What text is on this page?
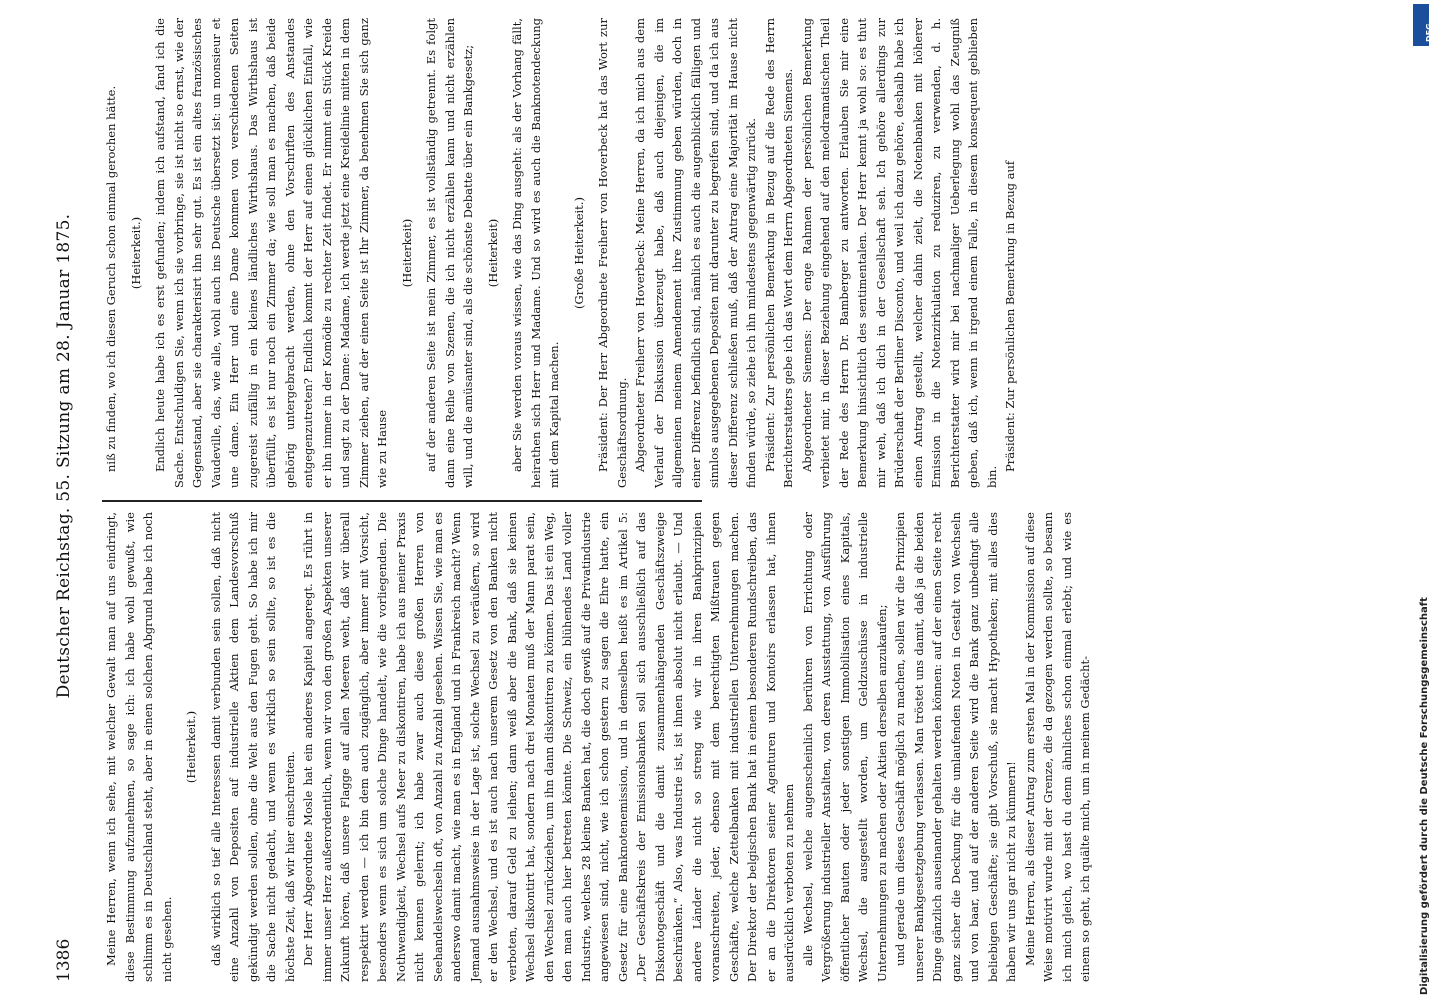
1386
Deutscher Reichstag. 55. Sitzung am 28. Januar 1875.

Meine Herren, wenn ich sehe, mit welcher Gewalt man auf uns eindringt, diese Bestimmung aufzunehmen, so sage ich: ich habe wohl gewußt, wie schlimm es in Deutschland steht, aber in einen solchen Abgrund habe ich noch nicht gesehen.

(Heiterkeit.) daß wirklich so tief alle Interessen damit verbunden sein sollen, daß nicht eine Anzahl von Depositen auf industrielle Aktien dem Landesvorschuß gekündigt werden sollen, ohne die Welt aus den Fugen geht. So habe ich mir die Sache nicht gedacht, und wenn es wirklich so sein sollte, so ist es die höchste Zeit, daß wir hier einschreiten. Der Herr Abgeordnete Mosle hat ein anderes Kapitel angeregt. Es rührt in immer unser Herz außerordentlich, wenn wir von den großen Aspekten unserer Zukunft hören, daß unsere Flagge auf allen Meeren weht, daß wir überall respektirt werden — ich bin dem auch zugänglich, aber immer mit Vorsicht, besonders wenn es sich um solche Dinge handelt, wie die vorliegenden. Die Nothwendigkeit, Wechsel aufs Meer zu diskontiren, habe ich aus meiner Praxis nicht kennen gelernt; ich habe zwar auch diese großen Herren von Seehandelswechseln oft, von Anzahl zu Anzahl gesehen. Wissen Sie, wie man es anderswo damit macht, wie man es in England und in Frankreich macht? Wenn Jemand ausnahmsweise in der Lage ist, solche Wechsel zu veräußern, so wird er den Wechsel, und es ist auch nach unserem Gesetz von den Banken nicht verboten, darauf Geld zu leihen; dann weiß aber die Bank, daß sie keinen Wechsel diskontirt hat, sondern nach drei Monaten muß der Mann parat sein, den Wechsel zurückziehen, um ihn dann diskontiren zu können. Das ist ein Weg, den man auch hier betreten könnte. Die Schweiz, ein blühendes Land voller Industrie, welches 28 kleine Banken hat, die doch gewiß auf die Privatindustrie angewiesen sind, nicht, wie ich schon gestern zu sagen die Ehre hatte, ein Gesetz für eine Banknotenemission, und in demselben heißt es im Artikel 5: „Der Geschäftskreis der Emissionsbanken soll sich ausschließlich auf das Diskontogeschäft und die damit zusammenhängenden Geschäftszweige beschränken.“ Also, was Industrie ist, ist ihnen absolut nicht erlaubt. — Und andere Länder die nicht so streng wie wir in ihren Bankprinzipien voranschreiten, jeder, ebenso mit dem berechtigten Mißtrauen gegen Geschäfte, welche Zettelbanken mit industriellen Unternehmungen machen. Der Direktor der belgischen Bank hat in einem besonderen Rundschreiben, das er an die Direktoren seiner Agenturen und Kontoirs erlassen hat, ihnen ausdrücklich verboten zu nehmen alle Wechsel, welche augenscheinlich berühren von Errichtung oder Vergrößerung industrieller Anstalten, von deren Ausstattung, von Ausführung öffentlicher Bauten oder jeder sonstigen Immobilisation eines Kapitals, Wechsel, die ausgestellt worden, um Geldzuschüsse in industrielle Unternehmungen zu machen oder Aktien derselben anzukaufen; und gerade um dieses Geschäft möglich zu machen, sollen wir die Prinzipien unserer Bankgesetzgebung verlassen. Man tröstet uns damit, daß ja die beiden Dinge gänzlich auseinander gehalten werden können: auf der einen Seite recht ganz sicher die Deckung für die umlaufenden Noten in Gestalt von Wechseln und von baar, und auf der anderen Seite wird die Bank ganz unbedingt alle beliebigen Geschäfte; sie gibt Vorschuß, sie macht Hypotheken; mit alles dies haben wir uns gar nicht zu kümmern! Meine Herren, als dieser Antrag zum ersten Mal in der Kommission auf diese Weise motivirt wurde mit der Grenze, die da gezogen werden sollte, so besann ich mich gleich, wo hast du denn ähnliches schon einmal erlebt; und wie es einem so geht, ich quälte mich, um in meinem Gedächt-

niß zu finden, wo ich diesen Geruch schon einmal gerochen hätte. (Heiterkeit.) Endlich heute habe ich es erst gefunden; indem ich aufstand, fand ich die Sache. Entschuldigen Sie, wenn ich sie vorbringe, sie ist nicht so ernst, wie der Gegenstand, aber sie charakterisirt ihn sehr gut. Es ist ein altes französisches Vaudeville, das, wie alle, wohl auch ins Deutsche übersetzt ist: un monsieur et une dame. Ein Herr und eine Dame kommen von verschiedenen Seiten zugereist zufällig in ein kleines ländliches Wirthshaus. Das Wirthshaus ist überfüllt, es ist nur noch ein Zimmer da; wie soll man es machen, daß beide gehörig untergebracht werden, ohne den Vorschriften des Anstandes entgegenzutreten? Endlich kommt der Herr auf einen glücklichen Einfall, wie er ihn immer in der Komödie zu rechter Zeit findet. Er nimmt ein Stück Kreide und sagt zu der Dame: Madame, ich werde jetzt eine Kreidelinie mitten in dem Zimmer ziehen, auf der einen Seite ist Ihr Zimmer, da benehmen Sie sich ganz wie zu Hause

(Heiterkeit) auf der anderen Seite ist mein Zimmer, es ist vollständig getrennt. Es folgt dann eine Reihe von Szenen, die ich nicht erzählen kann und nicht erzählen will, und die amüsanter sind, als die schönste Debatte über ein Bankgesetz; (Heiterkeit) aber Sie werden voraus wissen, wie das Ding ausgeht: als der Vorhang fällt, heirathen sich Herr und Madame. Und so wird es auch die Banknotendeckung mit dem Kapital machen.

(Große Heiterkeit.) Präsident: Der Herr Abgeordnete Freiherr von Hoverbeck hat das Wort zur Geschäftsordnung. Abgeordneter Freiherr von Hoverbeck: Meine Herren, da ich mich aus dem Verlauf der Diskussion überzeugt habe, daß auch diejenigen, die im allgemeinen meinem Amendement ihre Zustimmung geben würden, doch in einer Differenz befindlich sind, nämlich es auch die augenblicklich fälligen und sinnlos ausgegebenen Depositen mit darunter zu begreifen sind, und da ich aus dieser Differenz schließen muß, daß der Antrag eine Majorität im Hause nicht finden würde, so ziehe ich ihn mindestens gegenwärtig zurück. Präsident: Zur persönlichen Bemerkung in Bezug auf die Rede des Herrn Berichterstatters gebe ich das Wort dem Herrn Abgeordneten Siemens. Abgeordneter Siemens: Der enge Rahmen der persönlichen Bemerkung verbietet mir, in dieser Beziehung eingehend auf den melodramatischen Theil der Rede des Herrn Dr. Bamberger zu antworten. Erlauben Sie mir eine Bemerkung hinsichtlich des sentimentalen. Der Herr kennt ja wohl so: es thut mir weh, daß ich dich in der Gesellschaft seh. Ich gehöre allerdings zur Brüderschaft der Berliner Disconto, und weil ich dazu gehöre, deshalb habe ich einen Antrag gestellt, welcher dahin zielt, die Notenbanken mit höherer Emission in die Notenzirkulation zu reduziren, zu verwenden, d. h. Berichterstatter wird mir bei nachmaliger Ueberlegung wohl das Zeugniß geben, daß ich, wenn in irgend einem Falle, in diesem konsequent geblieben bin.

Präsident: Zur persönlichen Bemerkung in Bezug auf

Digitalisierung gefördert durch die Deutsche Forschungsgemeinschaft
DFG
